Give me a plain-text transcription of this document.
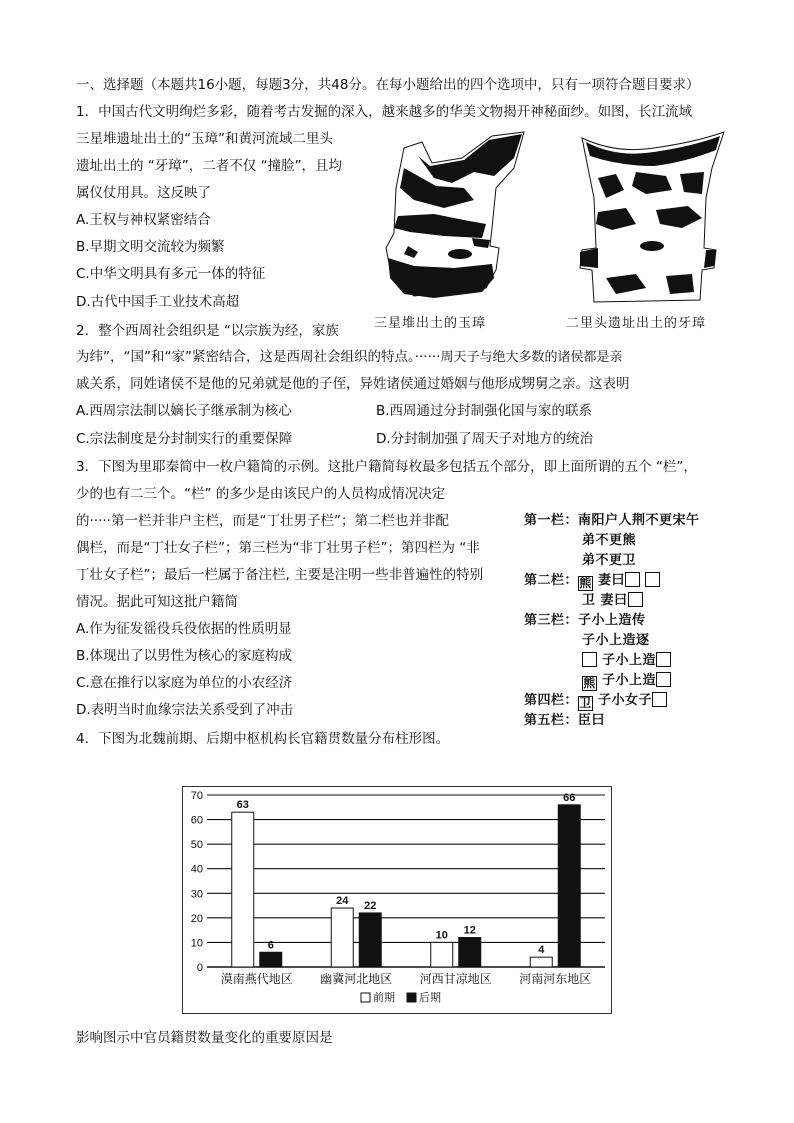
一、选择题（本题共16小题，每题3分，共48分。在每小题给出的四个选项中，只有一项符合题目要求）
1．中国古代文明绚烂多彩，随着考古发掘的深入，越来越多的华美文物揭开神秘面纱。如图，长江流域
三星堆遗址出土的“玉璋”和黄河流域二里头
遗址出土的 “牙璋”，二者不仅 “撞脸”，且均
属仪仗用具。这反映了
A.王权与神权紧密结合
B.早期文明交流较为频繁
C.中华文明具有多元一体的特征
D.古代中国手工业技术高超
三星堆出土的玉璋	二里头遗址出土的牙璋
2．整个西周社会组织是 “以宗族为经，家族
为纬”，“国”和“家”紧密结合，这是西周社会组织的特点。······周天子与绝大多数的诸侯都是亲
戚关系，同姓诸侯不是他的兄弟就是他的子侄，异姓诸侯通过婚姻与他形成甥舅之亲。这表明
A.西周宗法制以嫡长子继承制为核心	B.西周通过分封制强化国与家的联系
C.宗法制度是分封制实行的重要保障	D.分封制加强了周天子对地方的统治
3．下图为里耶秦简中一枚户籍简的示例。这批户籍简每枚最多包括五个部分，即上面所谓的五个 “栏”，
少的也有二三个。“栏” 的多少是由该民户的人员构成情况决定
的·····第一栏并非户主栏，而是“丁壮男子栏”；第二栏也并非配
偶栏，而是“丁壮女子栏”；第三栏为“非丁壮男子栏”；第四栏为 “非
丁壮女子栏”；最后一栏属于备注栏, 主要是注明一些非普遍性的特别
情况。据此可知这批户籍简
A.作为征发徭役兵役依据的性质明显
B.体现出了以男性为核心的家庭构成
C.意在推行以家庭为单位的小农经济
D.表明当时血缘宗法关系受到了冲击
第一栏：南阳户人荆不更宋午
弟不更熊
弟不更卫
第二栏：熊 妻曰
卫 妻曰
第三栏：子小上造传
子小上造逐
子小上造
熊 子小上造
第四栏：卫 子小女子
第五栏：臣曰
4．下图为北魏前期、后期中枢机构长官籍贯数量分布柱形图。
0
10
20
30
40
50
60
70
63
6
漠南燕代地区
24 22
幽冀河北地区
10 12
河西甘凉地区
4
66
河南河东地区
前期 后期
影响图示中官员籍贯数量变化的重要原因是
